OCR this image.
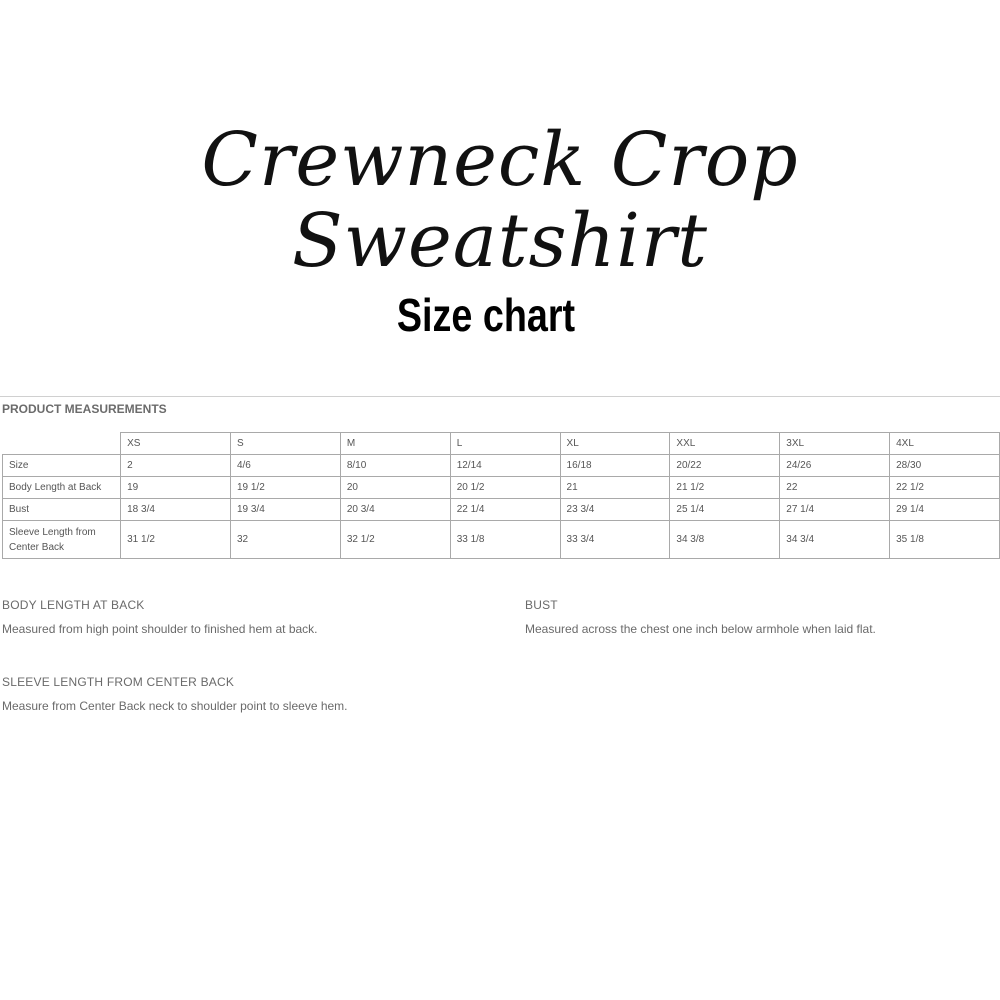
Crewneck Crop Sweatshirt
Size chart
PRODUCT MEASUREMENTS
	XS	S	M	L	XL	XXL	3XL	4XL
Size	2	4/6	8/10	12/14	16/18	20/22	24/26	28/30
Body Length at Back	19	19 1/2	20	20 1/2	21	21 1/2	22	22 1/2
Bust	18 3/4	19 3/4	20 3/4	22 1/4	23 3/4	25 1/4	27 1/4	29 1/4
Sleeve Length from Center Back	31 1/2	32	32 1/2	33 1/8	33 3/4	34 3/8	34 3/4	35 1/8
BODY LENGTH AT BACK

Measured from high point shoulder to finished hem at back.

BUST

Measured across the chest one inch below armhole when laid flat.

SLEEVE LENGTH FROM CENTER BACK

Measure from Center Back neck to shoulder point to sleeve hem.
